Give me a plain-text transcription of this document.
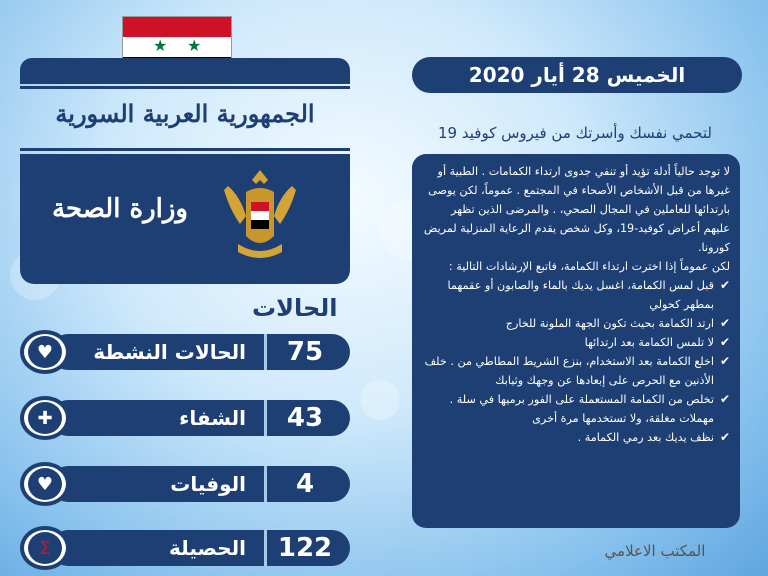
★ ★
الجمهورية العربية السورية
وزارة الصحة
الحالات
الحالات النشطة	75
♥
الشفاء	43
✚
الوفيات	4
♥
الحصيلة	122
Σ
الخميس 28 أيار 2020
لتحمي نفسك وأسرتك من فيروس كوفيد 19

لا توجد حالياً أدلة تؤيد أو تنفي جدوى ارتداء الكمامات . الطبية أو غيرها من قبل الأشخاص الأصحاء في المجتمع . عموماً، لكن يوصى بارتدائها للعاملين في المجال الصحي، . والمرضى الذين تظهر عليهم أعراض كوفيد-19، وكل شخص يقدم الرعاية المنزلية لمريض كورونا.

لكن عموماً إذا اخترت ارتداء الكمامة، فاتبع الإرشادات التالية :

✔
قبل لمس الكمامة، اغسل يديك بالماء والصابون أو عقمهما بمطهر كحولي
✔
ارتد الكمامة بحيث تكون الجهة الملونة للخارج
✔
لا تلمس الكمامة بعد ارتدائها
✔
اخلع الكمامة بعد الاستخدام، بنزع الشريط المطاطي من . خلف الأذنين مع الحرص على إبعادها عن وجهك وثيابك
✔
تخلص من الكمامة المستعملة على الفور برميها في سلة . مهملات مغلقة، ولا تستخدمها مرة أخرى
✔
نظف يديك بعد رمي الكمامة .
المكتب الاعلامي
